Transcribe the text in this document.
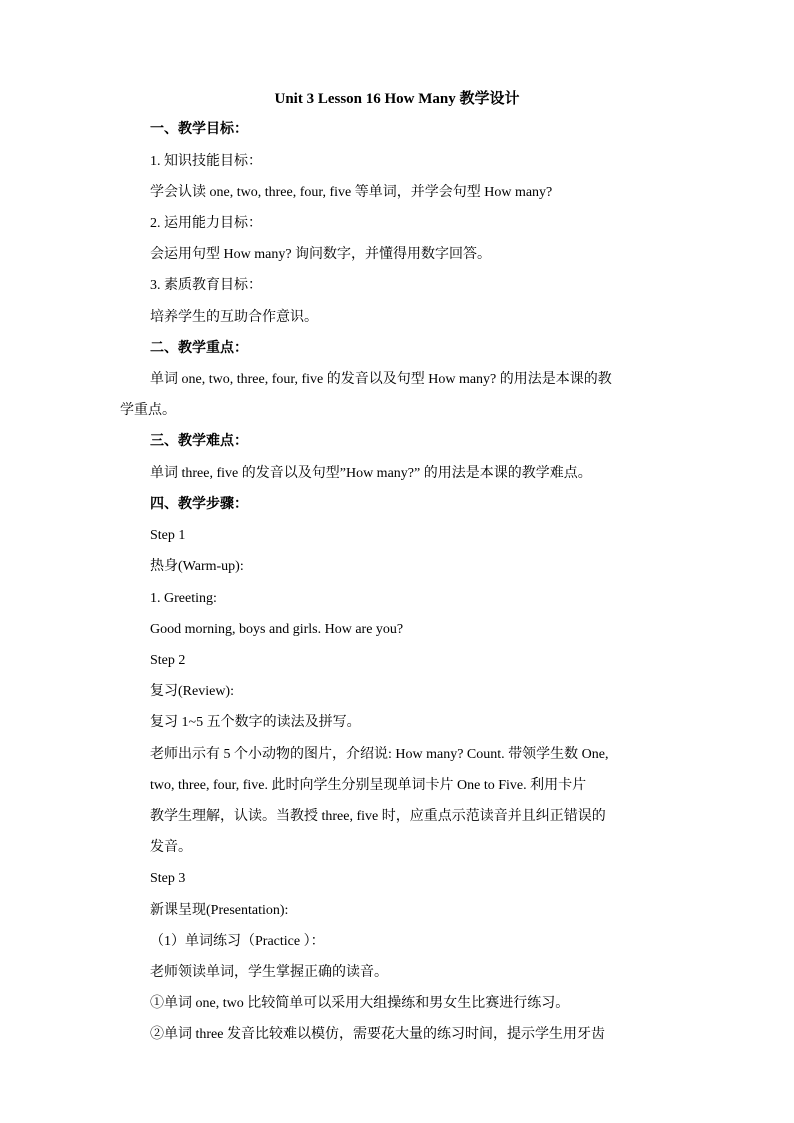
Unit 3 Lesson 16 How Many 教学设计
一、教学目标：
1. 知识技能目标：
学会认读 one, two, three, four, five 等单词，并学会句型 How many?
2. 运用能力目标：
会运用句型 How many? 询问数字，并懂得用数字回答。
3. 素质教育目标：
培养学生的互助合作意识。
二、教学重点：
单词 one, two, three, four, five 的发音以及句型 How many? 的用法是本课的教
学重点。
三、教学难点：
单词 three, five 的发音以及句型”How many?” 的用法是本课的教学难点。
四、教学步骤：
Step 1
热身(Warm-up):
1. Greeting:
Good morning, boys and girls. How are you?
Step 2
复习(Review):
复习 1~5 五个数字的读法及拼写。
老师出示有 5 个小动物的图片，介绍说: How many? Count. 带领学生数 One,
two, three, four, five. 此时向学生分别呈现单词卡片 One to Five. 利用卡片
教学生理解，认读。当教授 three, five 时，应重点示范读音并且纠正错误的
发音。
Step 3
新课呈现(Presentation):
（1）单词练习（Practice ）：
老师领读单词，学生掌握正确的读音。
①单词 one, two 比较简单可以采用大组操练和男女生比赛进行练习。
②单词 three 发音比较难以模仿，需要花大量的练习时间，提示学生用牙齿
